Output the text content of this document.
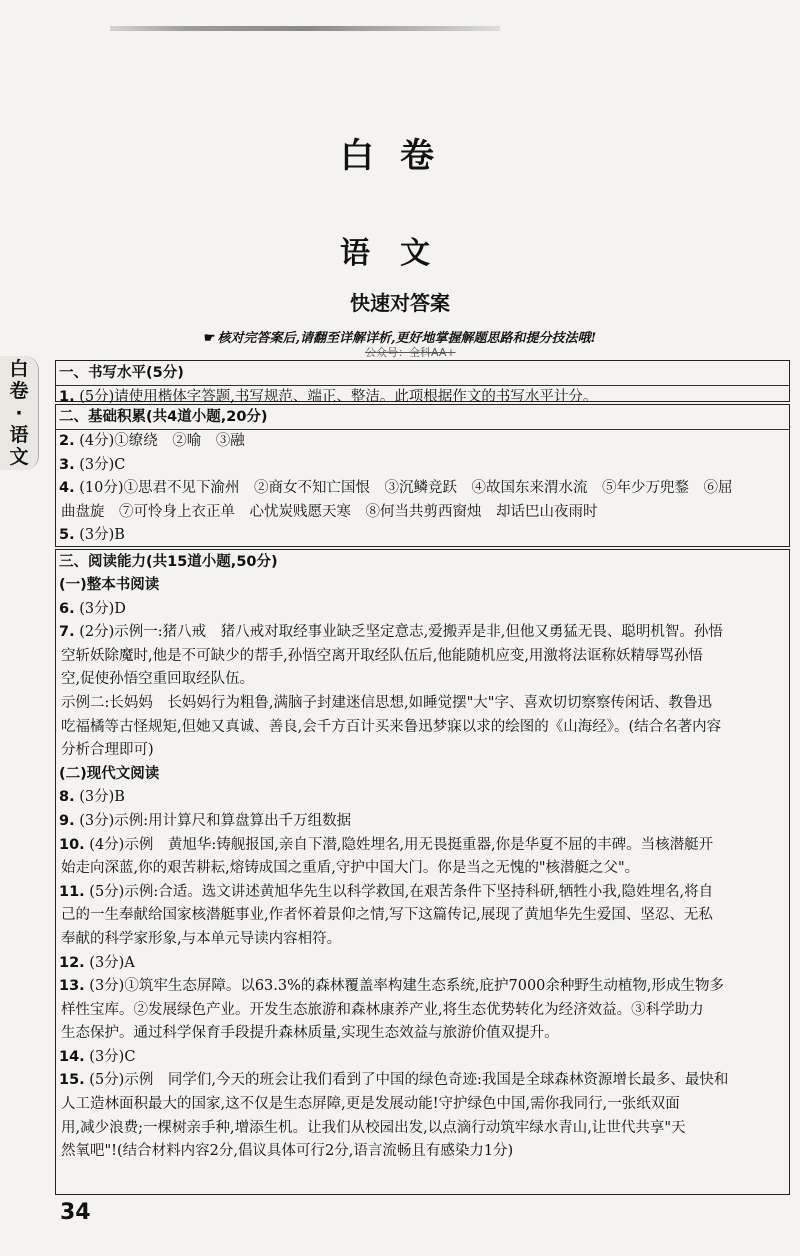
白卷
语文
快速对答案
☛ 核对完答案后,请翻至详解详析,更好地掌握解题思路和提分技法哦!
公众号：全科AA+
白
卷
·
语
文
一、书写水平(5分)
1. (5分)请使用楷体字答题,书写规范、端正、整洁。此项根据作文的书写水平计分。
二、基础积累(共4道小题,20分)
2. (4分)①缭绕　②喻　③融
3. (3分)C
4. (10分)①思君不见下渝州　②商女不知亡国恨　③沉鳞竞跃　④故国东来渭水流　⑤年少万兜鍪　⑥屈
曲盘旋　⑦可怜身上衣正单　心忧炭贱愿天寒　⑧何当共剪西窗烛　却话巴山夜雨时
5. (3分)B
三、阅读能力(共15道小题,50分)
(一)整本书阅读
6. (3分)D
7. (2分)示例一:猪八戒　猪八戒对取经事业缺乏坚定意志,爱搬弄是非,但他又勇猛无畏、聪明机智。孙悟
空斩妖除魔时,他是不可缺少的帮手,孙悟空离开取经队伍后,他能随机应变,用激将法诓称妖精辱骂孙悟
空,促使孙悟空重回取经队伍。
示例二:长妈妈　长妈妈行为粗鲁,满脑子封建迷信思想,如睡觉摆"大"字、喜欢切切察察传闲话、教鲁迅
吃福橘等古怪规矩,但她又真诚、善良,会千方百计买来鲁迅梦寐以求的绘图的《山海经》。(结合名著内容
分析合理即可)
(二)现代文阅读
8. (3分)B
9. (3分)示例:用计算尺和算盘算出千万组数据
10. (4分)示例　黄旭华:铸舰报国,亲自下潜,隐姓埋名,用无畏挺重器,你是华夏不屈的丰碑。当核潜艇开
始走向深蓝,你的艰苦耕耘,熔铸成国之重盾,守护中国大门。你是当之无愧的"核潜艇之父"。
11. (5分)示例:合适。选文讲述黄旭华先生以科学救国,在艰苦条件下坚持科研,牺牲小我,隐姓埋名,将自
己的一生奉献给国家核潜艇事业,作者怀着景仰之情,写下这篇传记,展现了黄旭华先生爱国、坚忍、无私
奉献的科学家形象,与本单元导读内容相符。
12. (3分)A
13. (3分)①筑牢生态屏障。以63.3%的森林覆盖率构建生态系统,庇护7000余种野生动植物,形成生物多
样性宝库。②发展绿色产业。开发生态旅游和森林康养产业,将生态优势转化为经济效益。③科学助力
生态保护。通过科学保育手段提升森林质量,实现生态效益与旅游价值双提升。
14. (3分)C
15. (5分)示例　同学们,今天的班会让我们看到了中国的绿色奇迹:我国是全球森林资源增长最多、最快和
人工造林面积最大的国家,这不仅是生态屏障,更是发展动能!守护绿色中国,需你我同行,一张纸双面
用,减少浪费;一棵树亲手种,增添生机。让我们从校园出发,以点滴行动筑牢绿水青山,让世代共享"天
然氧吧"!(结合材料内容2分,倡议具体可行2分,语言流畅且有感染力1分)
34
